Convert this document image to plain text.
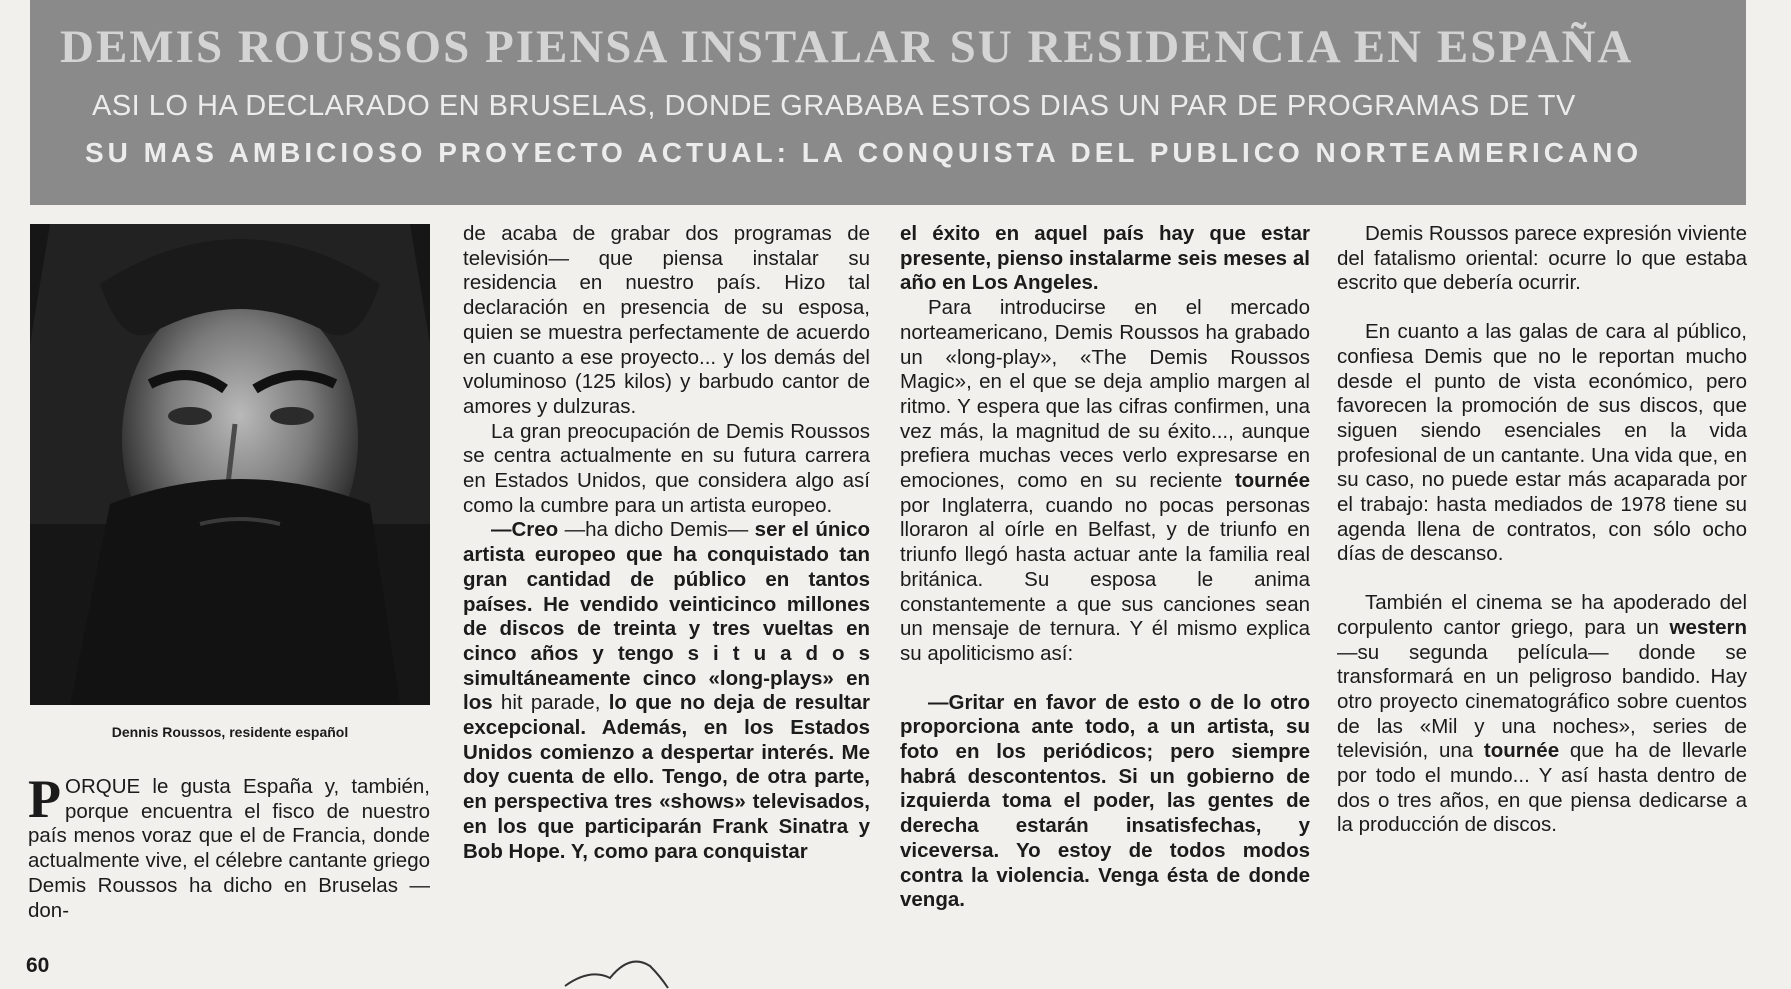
DEMIS ROUSSOS PIENSA INSTALAR SU RESIDENCIA EN ESPAÑA
ASI LO HA DECLARADO EN BRUSELAS, DONDE GRABABA ESTOS DIAS UN PAR DE PROGRAMAS DE TV
SU MAS AMBICIOSO PROYECTO ACTUAL: LA CONQUISTA DEL PUBLICO NORTEAMERICANO

Dennis Roussos, residente español

PORQUE le gusta España y, también, porque encuentra el fisco de nuestro país menos voraz que el de Francia, donde actualmente vive, el célebre cantante griego Demis Roussos ha dicho en Bruselas —don-

de acaba de grabar dos programas de televisión— que piensa instalar su residencia en nuestro país. Hizo tal declaración en presencia de su esposa, quien se muestra perfectamente de acuerdo en cuanto a ese proyecto... y los demás del voluminoso (125 kilos) y barbudo cantor de amores y dulzuras.

La gran preocupación de Demis Roussos se centra actualmente en su futura carrera en Estados Unidos, que considera algo así como la cumbre para un artista europeo.

—Creo —ha dicho Demis— ser el único artista europeo que ha conquistado tan gran cantidad de público en tantos países. He vendido veinticinco millones de discos de treinta y tres vueltas en cinco años y tengo s i t u a d o s simultáneamente cinco «long-plays» en los hit parade, lo que no deja de resultar excepcional. Además, en los Estados Unidos comienzo a despertar interés. Me doy cuenta de ello. Tengo, de otra parte, en perspectiva tres «shows» televisados, en los que participarán Frank Sinatra y Bob Hope. Y, como para conquistar

el éxito en aquel país hay que estar presente, pienso instalarme seis meses al año en Los Angeles.

Para introducirse en el mercado norteamericano, Demis Roussos ha grabado un «long-play», «The Demis Roussos Magic», en el que se deja amplio margen al ritmo. Y espera que las cifras confirmen, una vez más, la magnitud de su éxito..., aunque prefiera muchas veces verlo expresarse en emociones, como en su reciente tournée por Inglaterra, cuando no pocas personas lloraron al oírle en Belfast, y de triunfo en triunfo llegó hasta actuar ante la familia real británica. Su esposa le anima constantemente a que sus canciones sean un mensaje de ternura. Y él mismo explica su apoliticismo así:

—Gritar en favor de esto o de lo otro proporciona ante todo, a un artista, su foto en los periódicos; pero siempre habrá descontentos. Si un gobierno de izquierda toma el poder, las gentes de derecha estarán insatisfechas, y viceversa. Yo estoy de todos modos contra la violencia. Venga ésta de donde venga.

Demis Roussos parece expresión viviente del fatalismo oriental: ocurre lo que estaba escrito que debería ocurrir.

En cuanto a las galas de cara al público, confiesa Demis que no le reportan mucho desde el punto de vista económico, pero favorecen la promoción de sus discos, que siguen siendo esenciales en la vida profesional de un cantante. Una vida que, en su caso, no puede estar más acaparada por el trabajo: hasta mediados de 1978 tiene su agenda llena de contratos, con sólo ocho días de descanso.

También el cinema se ha apoderado del corpulento cantor griego, para un western —su segunda película— donde se transformará en un peligroso bandido. Hay otro proyecto cinematográfico sobre cuentos de las «Mil y una noches», series de televisión, una tournée que ha de llevarle por todo el mundo... Y así hasta dentro de dos o tres años, en que piensa dedicarse a la producción de discos.

60
